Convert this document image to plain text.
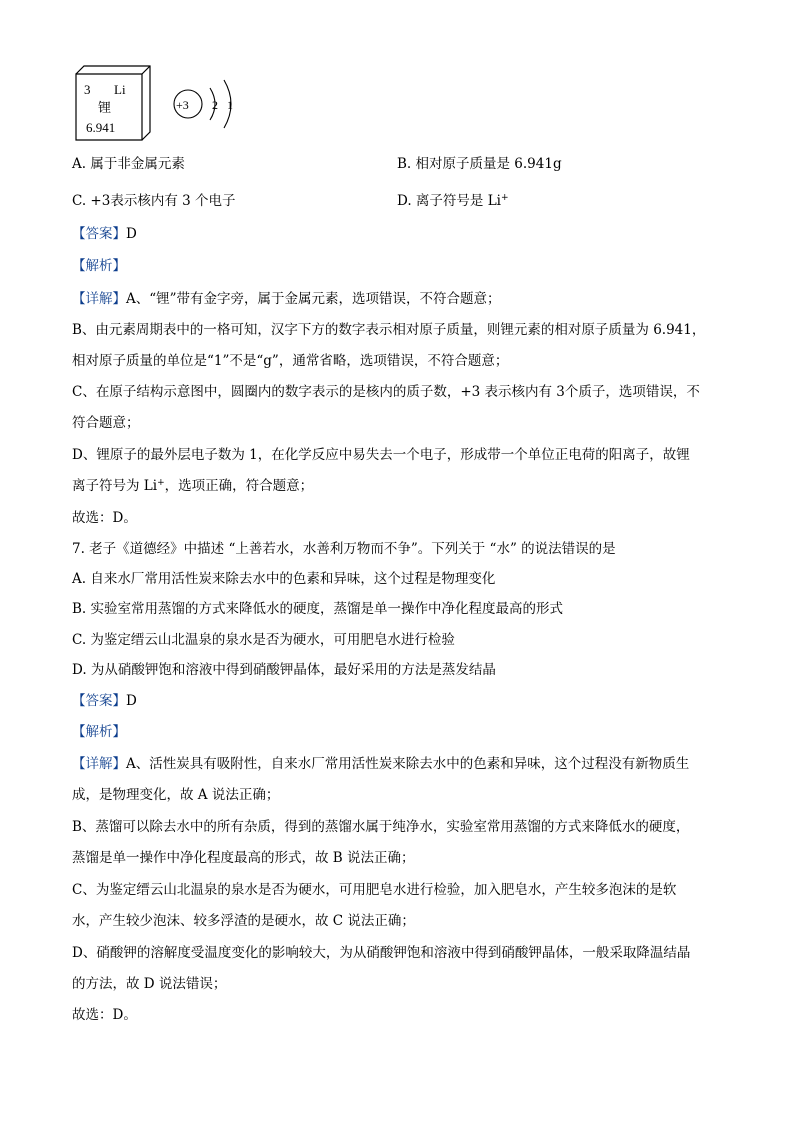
3 Li
锂
6.941
+3 2 1
A. 属于非金属元素	B. 相对原子质量是 6.941g
C. +3表示核内有 3 个电子	D. 离子符号是 Li+
【答案】D
【解析】
【详解】A、“锂”带有金字旁，属于金属元素，选项错误，不符合题意；
B、由元素周期表中的一格可知，汉字下方的数字表示相对原子质量，则锂元素的相对原子质量为 6.941，
相对原子质量的单位是“1”不是“g”，通常省略，选项错误，不符合题意；
C、在原子结构示意图中，圆圈内的数字表示的是核内的质子数，+3 表示核内有 3个质子，选项错误，不
符合题意；
D、锂原子的最外层电子数为 1，在化学反应中易失去一个电子，形成带一个单位正电荷的阳离子，故锂
离子符号为 Li+，选项正确，符合题意；
故选：D。
7. 老子《道德经》中描述 “上善若水，水善利万物而不争”。下列关于 “水” 的说法错误的是
A. 自来水厂常用活性炭来除去水中的色素和异味，这个过程是物理变化
B. 实验室常用蒸馏的方式来降低水的硬度，蒸馏是单一操作中净化程度最高的形式
C. 为鉴定缙云山北温泉的泉水是否为硬水，可用肥皂水进行检验
D. 为从硝酸钾饱和溶液中得到硝酸钾晶体，最好采用的方法是蒸发结晶
【答案】D
【解析】
【详解】A、活性炭具有吸附性，自来水厂常用活性炭来除去水中的色素和异味，这个过程没有新物质生
成，是物理变化，故 A 说法正确；
B、蒸馏可以除去水中的所有杂质，得到的蒸馏水属于纯净水，实验室常用蒸馏的方式来降低水的硬度，
蒸馏是单一操作中净化程度最高的形式，故 B 说法正确；
C、为鉴定缙云山北温泉的泉水是否为硬水，可用肥皂水进行检验，加入肥皂水，产生较多泡沫的是软
水，产生较少泡沫、较多浮渣的是硬水，故 C 说法正确；
D、硝酸钾的溶解度受温度变化的影响较大，为从硝酸钾饱和溶液中得到硝酸钾晶体，一般采取降温结晶
的方法，故 D 说法错误；
故选：D。
